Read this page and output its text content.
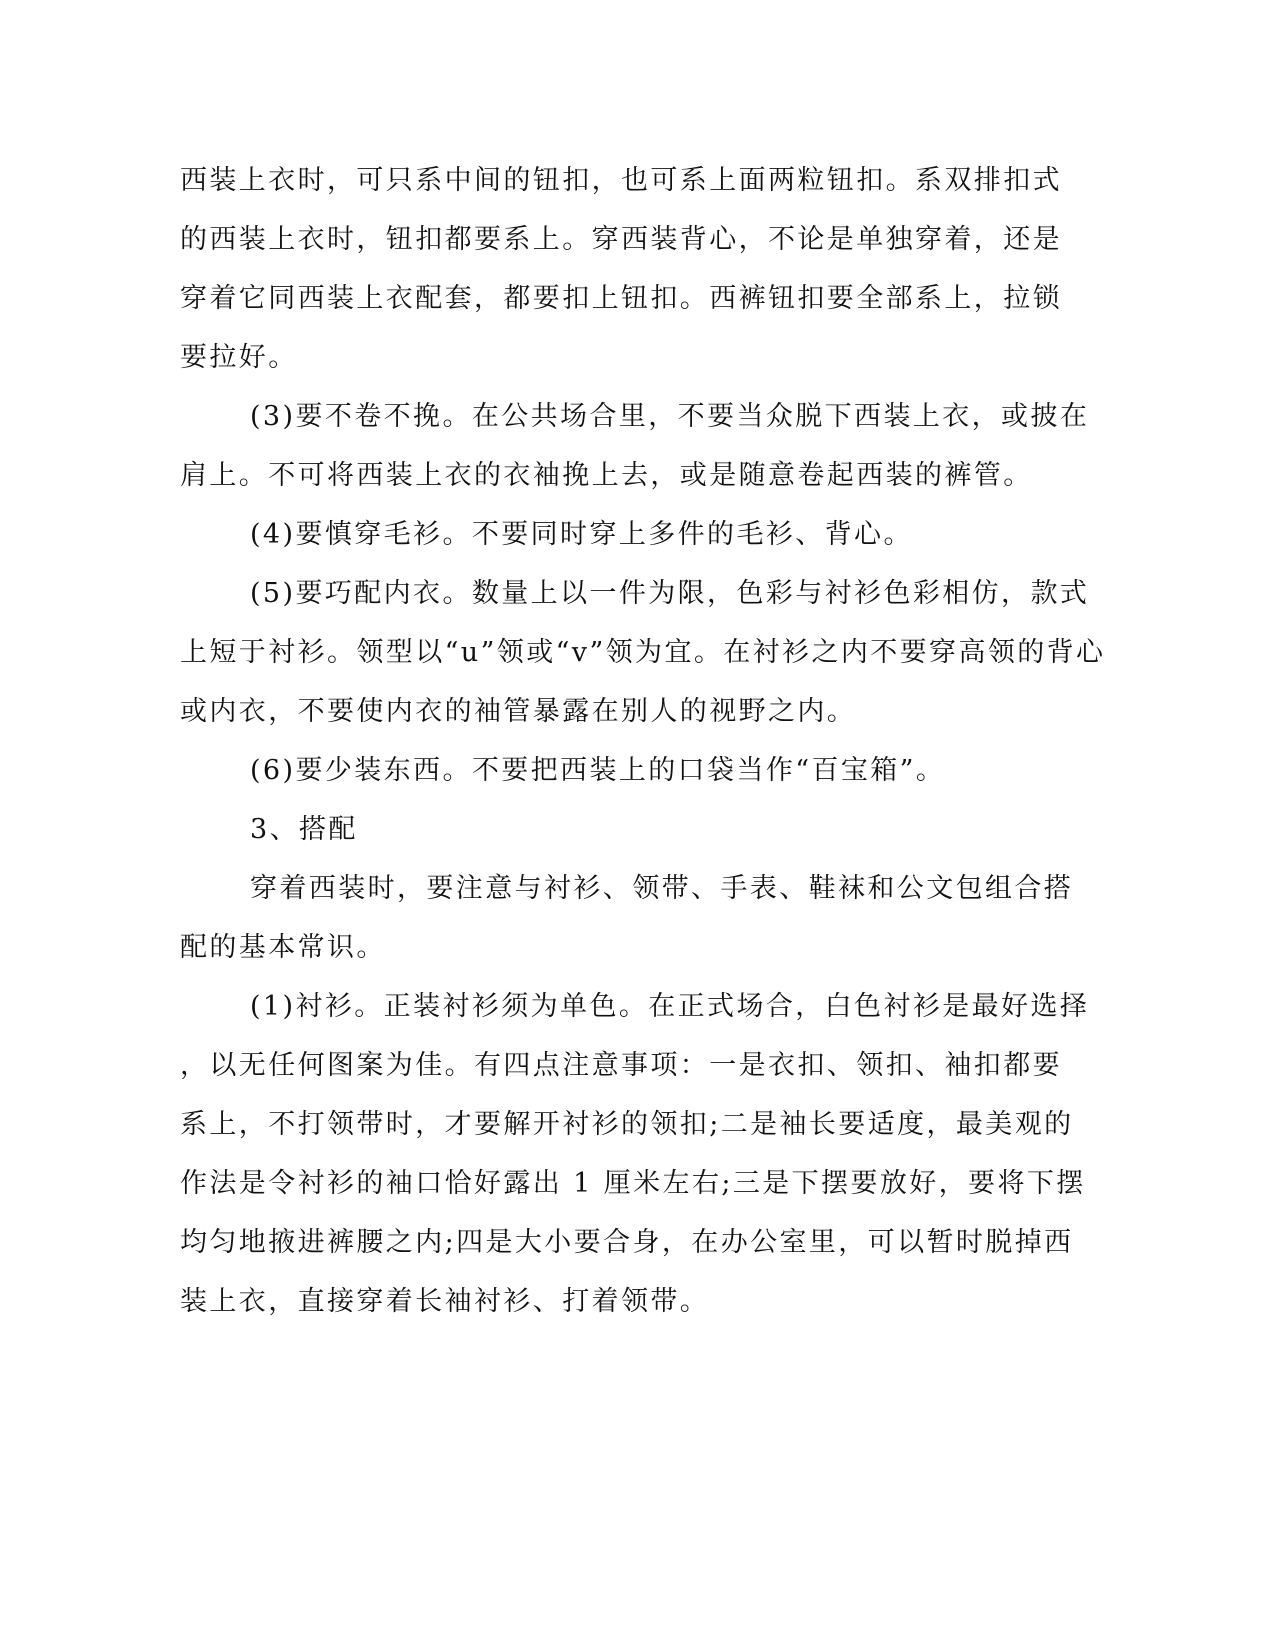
西装上衣时，可只系中间的钮扣，也可系上面两粒钮扣。系双排扣式
的西装上衣时，钮扣都要系上。穿西装背心，不论是单独穿着，还是
穿着它同西装上衣配套，都要扣上钮扣。西裤钮扣要全部系上，拉锁
要拉好。
(3)要不卷不挽。在公共场合里，不要当众脱下西装上衣，或披在
肩上。不可将西装上衣的衣袖挽上去，或是随意卷起西装的裤管。
(4)要慎穿毛衫。不要同时穿上多件的毛衫、背心。
(5)要巧配内衣。数量上以一件为限，色彩与衬衫色彩相仿，款式
上短于衬衫。领型以“u”领或“v”领为宜。在衬衫之内不要穿高领的背心
或内衣，不要使内衣的袖管暴露在别人的视野之内。
(6)要少装东西。不要把西装上的口袋当作“百宝箱”。
3、搭配
穿着西装时，要注意与衬衫、领带、手表、鞋袜和公文包组合搭
配的基本常识。
(1)衬衫。正装衬衫须为单色。在正式场合，白色衬衫是最好选择
，以无任何图案为佳。有四点注意事项：一是衣扣、领扣、袖扣都要
系上，不打领带时，才要解开衬衫的领扣;二是袖长要适度，最美观的
作法是令衬衫的袖口恰好露出 1 厘米左右;三是下摆要放好，要将下摆
均匀地掖进裤腰之内;四是大小要合身，在办公室里，可以暂时脱掉西
装上衣，直接穿着长袖衬衫、打着领带。
